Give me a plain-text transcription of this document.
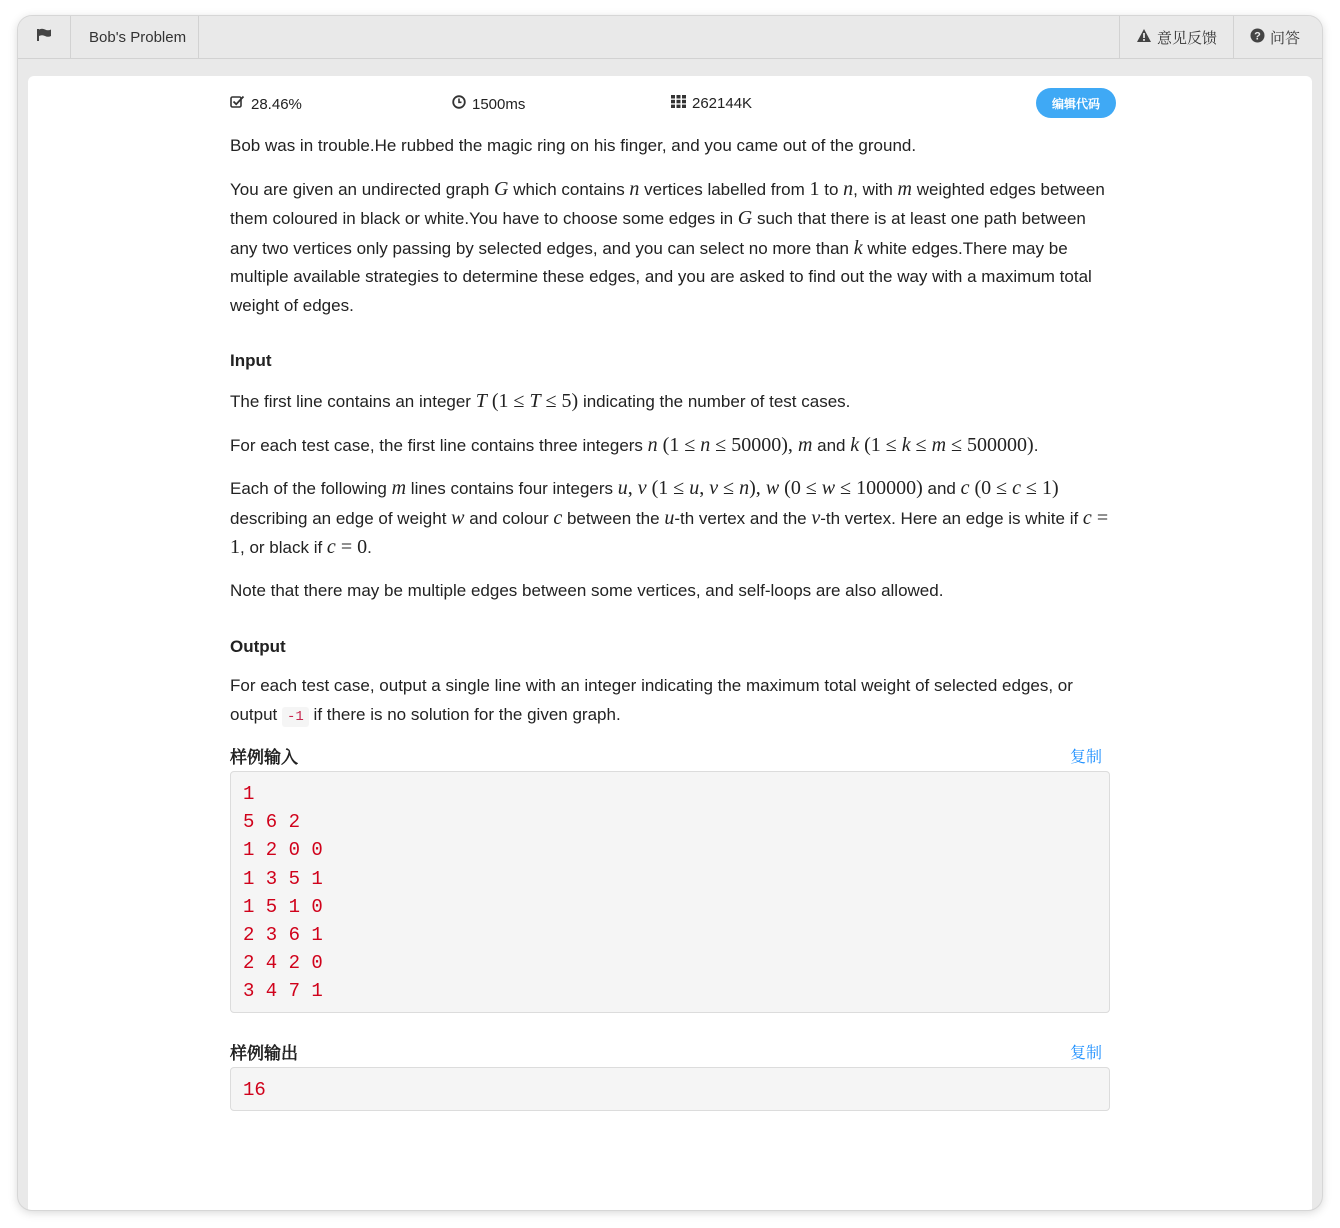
Bob's Problem	意见反馈	? 问答
28.46%	1500ms	262144K	编辑代码

Bob was in trouble.He rubbed the magic ring on his finger, and you came out of the ground.

You are given an undirected graph G which contains n vertices labelled from 1 to n, with m weighted edges between them coloured in black or white.You have to choose some edges in G such that there is at least one path between any two vertices only passing by selected edges, and you can select no more than k white edges.There may be multiple available strategies to determine these edges, and you are asked to find out the way with a maximum total weight of edges.

Input

The first line contains an integer T (1 ≤ T ≤ 5) indicating the number of test cases.

For each test case, the first line contains three integers n (1 ≤ n ≤ 50000), m and k (1 ≤ k ≤ m ≤ 500000).

Each of the following m lines contains four integers u, v (1 ≤ u, v ≤ n), w (0 ≤ w ≤ 100000) and c (0 ≤ c ≤ 1) describing an edge of weight w and colour c between the u-th vertex and the v-th vertex. Here an edge is white if c = 1, or black if c = 0.

Note that there may be multiple edges between some vertices, and self-loops are also allowed.

Output

For each test case, output a single line with an integer indicating the maximum total weight of selected edges, or output -1 if there is no solution for the given graph.

样例输入	复制
1
5 6 2
1 2 0 0
1 3 5 1
1 5 1 0
2 3 6 1
2 4 2 0
3 4 7 1
样例输出	复制
16
